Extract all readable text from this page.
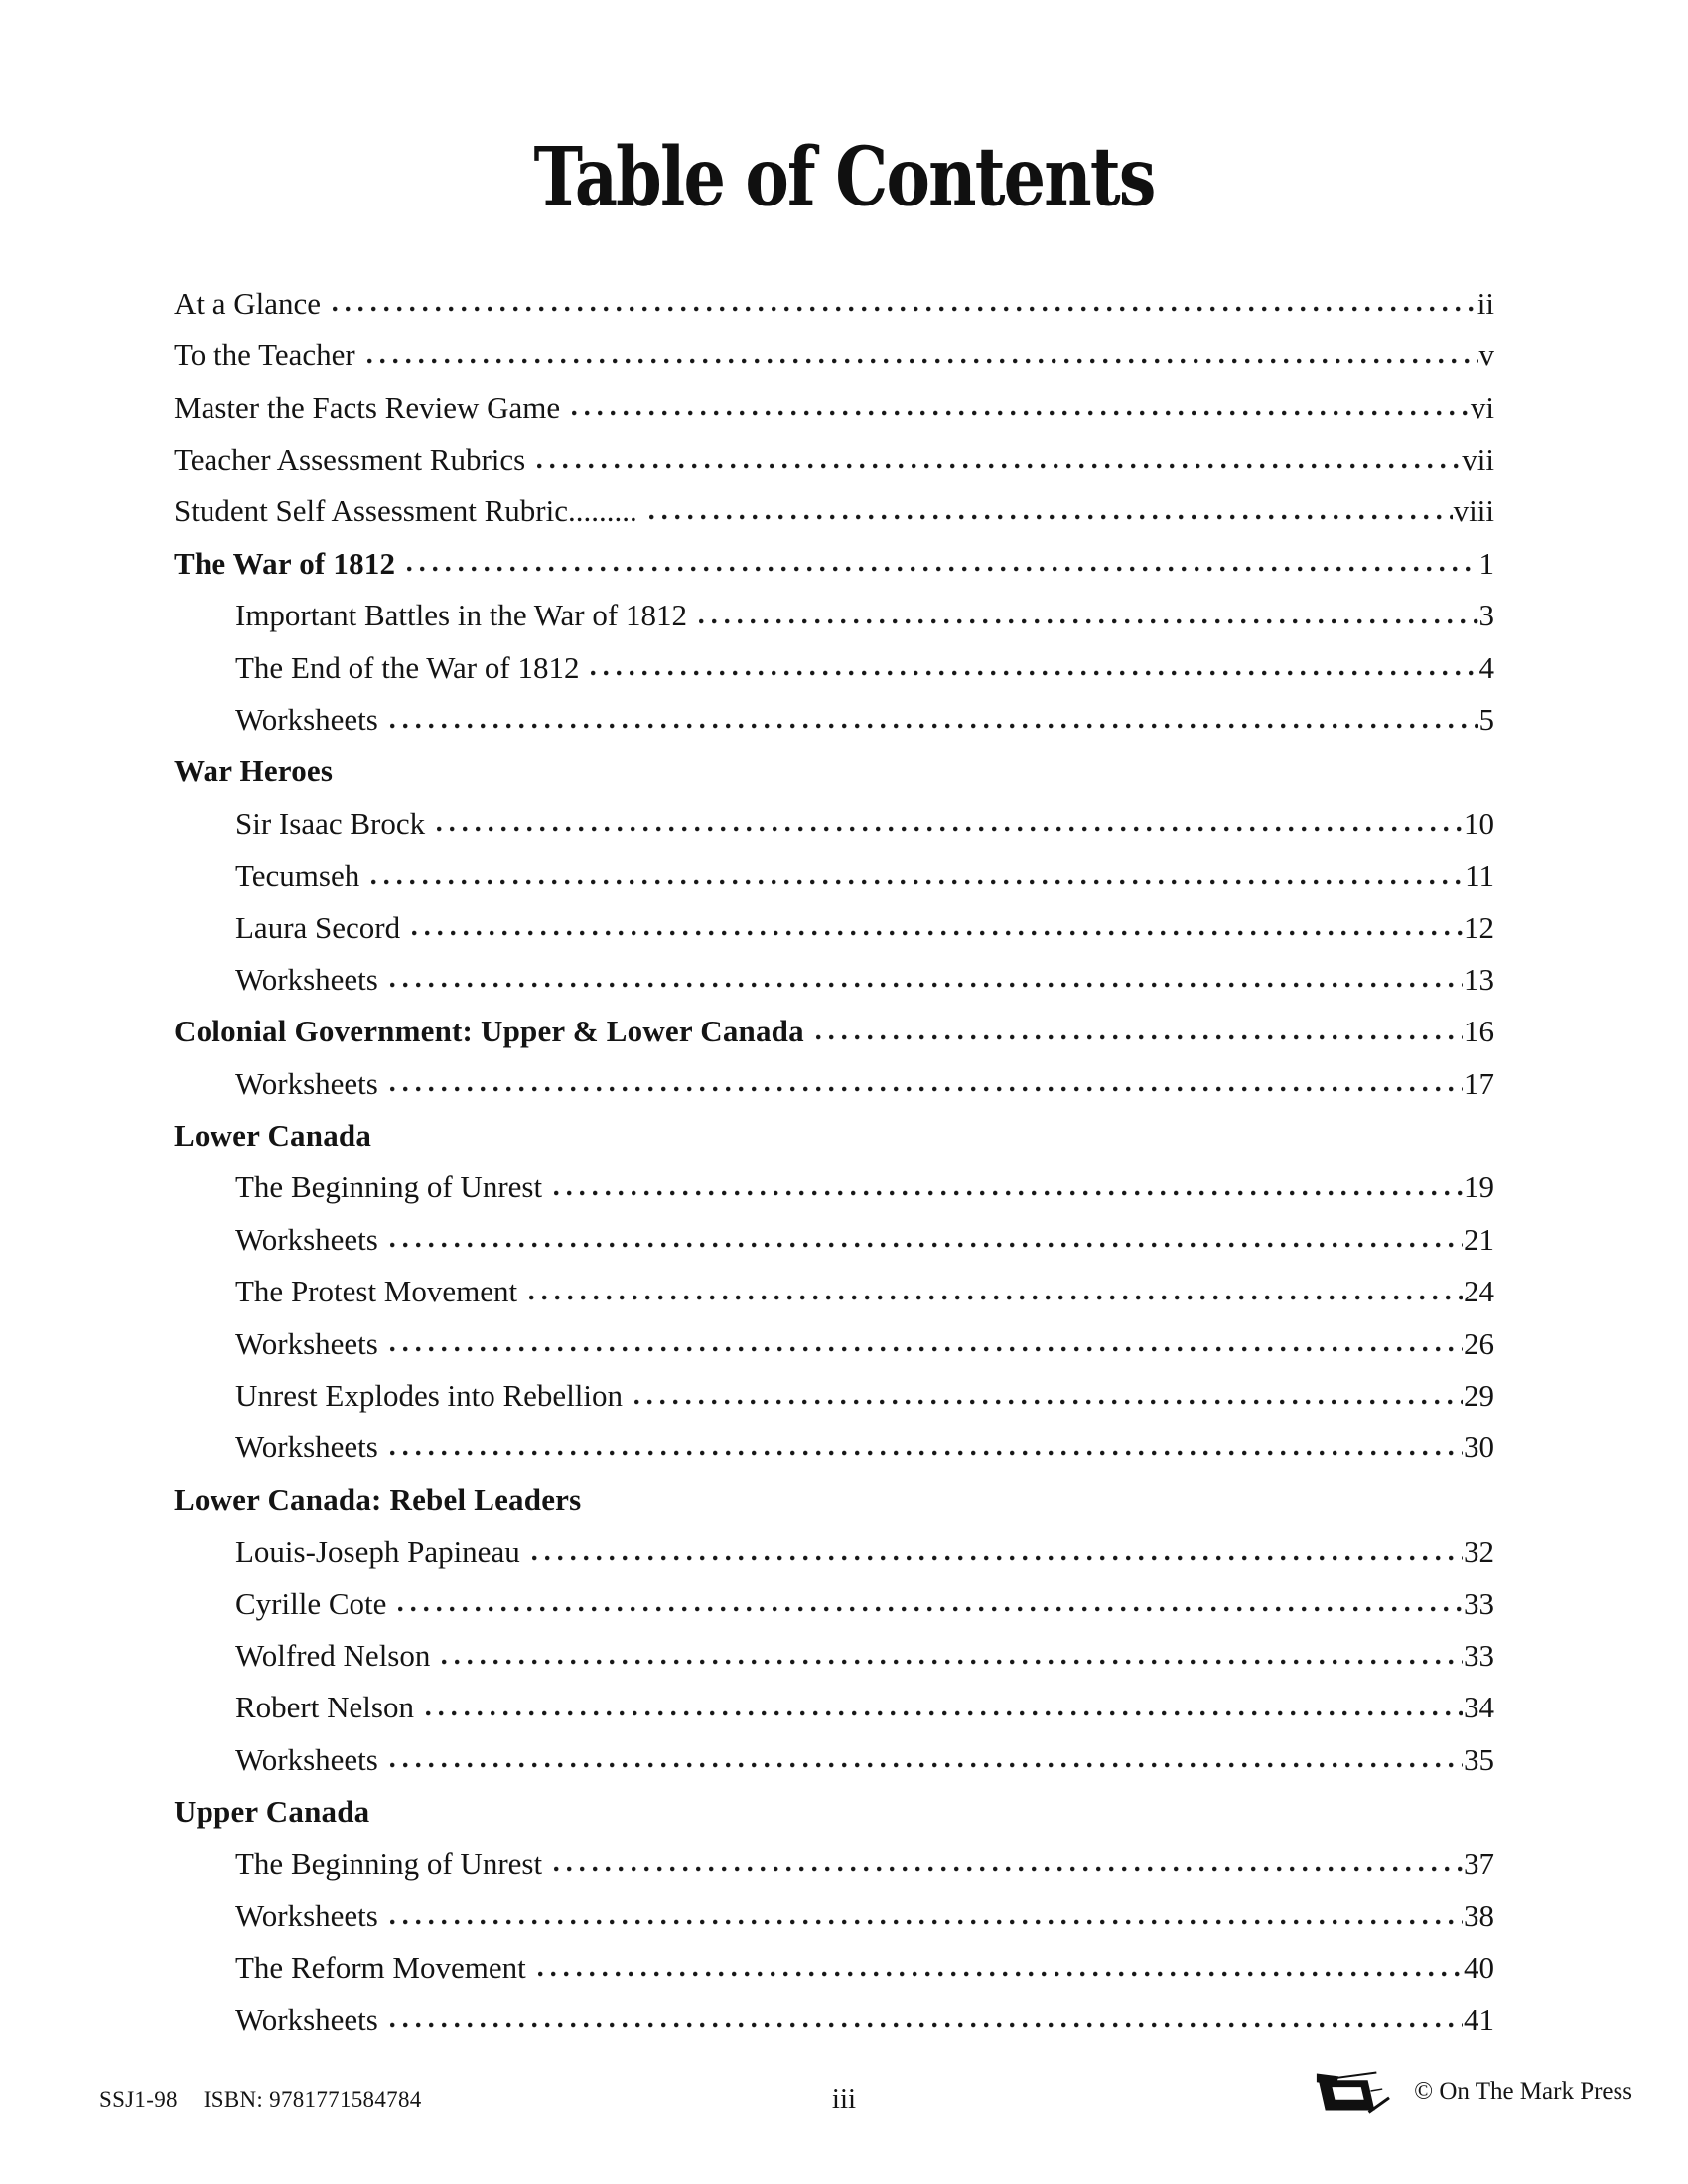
Table of Contents
At a Glance	ii
To the Teacher	v
Master the Facts Review Game	vi
Teacher Assessment Rubrics	vii
Student Self Assessment Rubric.........	viii
The War of 1812	1
Important Battles in the War of 1812	3
The End of the War of 1812	4
Worksheets	5
War Heroes
Sir Isaac Brock	10
Tecumseh	11
Laura Secord	12
Worksheets	13
Colonial Government: Upper & Lower Canada	16
Worksheets	17
Lower Canada
The Beginning of Unrest	19
Worksheets	21
The Protest Movement	24
Worksheets	26
Unrest Explodes into Rebellion	29
Worksheets	30
Lower Canada: Rebel Leaders
Louis-Joseph Papineau	32
Cyrille Cote	33
Wolfred Nelson	33
Robert Nelson	34
Worksheets	35
Upper Canada
The Beginning of Unrest	37
Worksheets	38
The Reform Movement	40
Worksheets	41
SSJ1-98 ISBN: 9781771584784	iii	© On The Mark Press
